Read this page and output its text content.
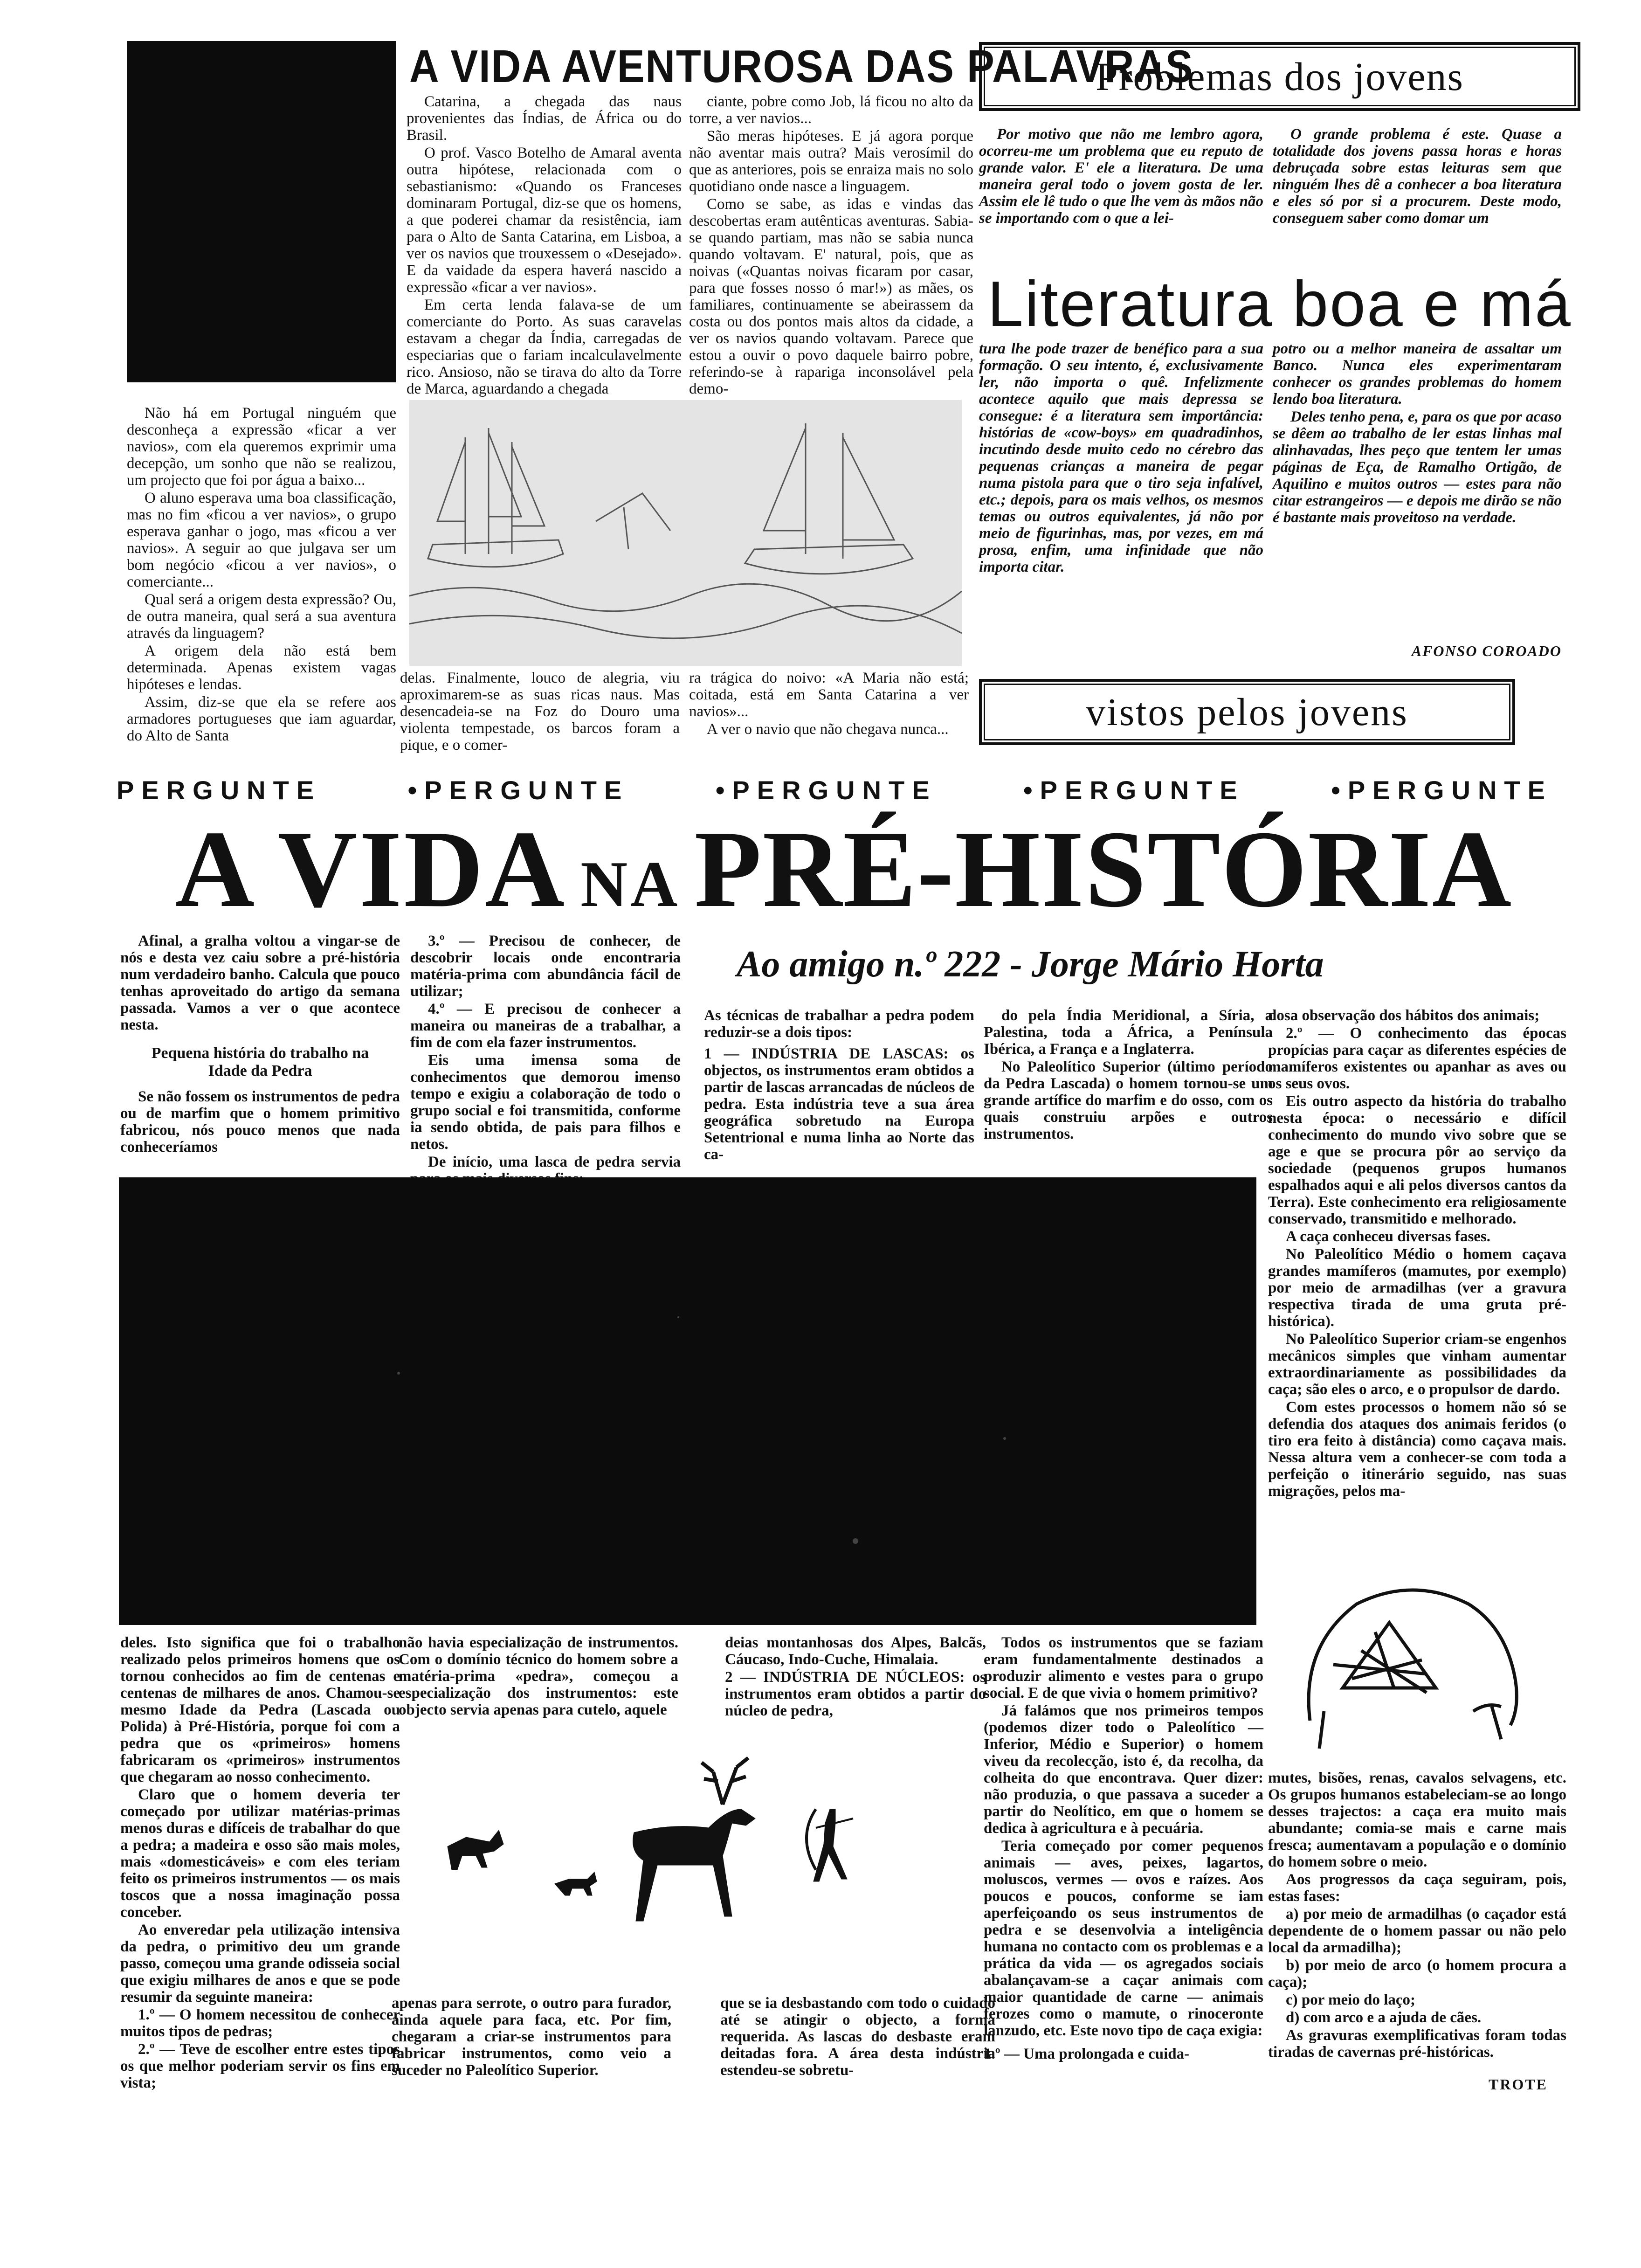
A VIDA AVENTUROSA DAS PALAVRAS

Não há em Portugal ninguém que desconheça a expressão «ficar a ver navios», com ela queremos exprimir uma decepção, um sonho que não se realizou, um projecto que foi por água a baixo...

O aluno esperava uma boa classificação, mas no fim «ficou a ver navios», o grupo esperava ganhar o jogo, mas «ficou a ver navios». A seguir ao que julgava ser um bom negócio «ficou a ver navios», o comerciante...

Qual será a origem desta expressão? Ou, de outra maneira, qual será a sua aventura através da linguagem?

A origem dela não está bem determinada. Apenas existem vagas hipóteses e lendas.

Assim, diz-se que ela se refere aos armadores portugueses que iam aguardar, do Alto de Santa

Catarina, a chegada das naus provenientes das Índias, de África ou do Brasil.

O prof. Vasco Botelho de Amaral aventa outra hipótese, relacionada com o sebastianismo: «Quando os Franceses dominaram Portugal, diz-se que os homens, a que poderei chamar da resistência, iam para o Alto de Santa Catarina, em Lisboa, a ver os navios que trouxessem o «Desejado». E da vaidade da espera haverá nascido a expressão «ficar a ver navios».

Em certa lenda falava-se de um comerciante do Porto. As suas caravelas estavam a chegar da Índia, carregadas de especiarias que o fariam incalculavelmente rico. Ansioso, não se tirava do alto da Torre de Marca, aguardando a chegada

ciante, pobre como Job, lá ficou no alto da torre, a ver navios...

São meras hipóteses. E já agora porque não aventar mais outra? Mais verosímil do que as anteriores, pois se enraiza mais no solo quotidiano onde nasce a linguagem.

Como se sabe, as idas e vindas das descobertas eram autênticas aventuras. Sabia-se quando partiam, mas não se sabia nunca quando voltavam. E' natural, pois, que as noivas («Quantas noivas ficaram por casar, para que fosses nosso ó mar!») as mães, os familiares, continuamente se abeirassem da costa ou dos pontos mais altos da cidade, a ver os navios quando voltavam. Parece que estou a ouvir o povo daquele bairro pobre, referindo-se à rapariga inconsolável pela demo-

delas. Finalmente, louco de alegria, viu aproximarem-se as suas ricas naus. Mas desencadeia-se na Foz do Douro uma violenta tempestade, os barcos foram a pique, e o comer-

ra trágica do noivo: «A Maria não está; coitada, está em Santa Catarina a ver navios»...

A ver o navio que não chegava nunca...

Problemas dos jovens

Por motivo que não me lembro agora, ocorreu-me um problema que eu reputo de grande valor. E' ele a literatura. De uma maneira geral todo o jovem gosta de ler. Assim ele lê tudo o que lhe vem às mãos não se importando com o que a lei-

O grande problema é este. Quase a totalidade dos jovens passa horas e horas debruçada sobre estas leituras sem que ninguém lhes dê a conhecer a boa literatura e eles só por si a procurem. Deste modo, conseguem saber como domar um

Literatura boa e má

tura lhe pode trazer de benéfico para a sua formação. O seu intento, é, exclusivamente ler, não importa o quê. Infelizmente acontece aquilo que mais depressa se consegue: é a literatura sem importância: histórias de «cow-boys» em quadradinhos, incutindo desde muito cedo no cérebro das pequenas crianças a maneira de pegar numa pistola para que o tiro seja infalível, etc.; depois, para os mais velhos, os mesmos temas ou outros equivalentes, já não por meio de figurinhas, mas, por vezes, em má prosa, enfim, uma infinidade que não importa citar.

potro ou a melhor maneira de assaltar um Banco. Nunca eles experimentaram conhecer os grandes problemas do homem lendo boa literatura.

Deles tenho pena, e, para os que por acaso se dêem ao trabalho de ler estas linhas mal alinhavadas, lhes peço que tentem ler umas páginas de Eça, de Ramalho Ortigão, de Aquilino e muitos outros — estes para não citar estrangeiros — e depois me dirão se não é bastante mais proveitoso na verdade.

AFONSO COROADO
vistos pelos jovens
PERGUNTE	•PERGUNTE	•PERGUNTE	•PERGUNTE	•PERGUNTE
A VIDA NA PRÉ-HISTÓRIA
Ao amigo n.º 222 - Jorge Mário Horta

Afinal, a gralha voltou a vingar-se de nós e desta vez caiu sobre a pré-história num verdadeiro banho. Calcula que pouco tenhas aproveitado do artigo da semana passada. Vamos a ver o que acontece nesta.

Pequena história do trabalho na Idade da Pedra

Se não fossem os instrumentos de pedra ou de marfim que o homem primitivo fabricou, nós pouco menos que nada conheceríamos

3.º — Precisou de conhecer, de descobrir locais onde encontraria matéria-prima com abundância fácil de utilizar;

4.º — E precisou de conhecer a maneira ou maneiras de a trabalhar, a fim de com ela fazer instrumentos.

Eis uma imensa soma de conhecimentos que demorou imenso tempo e exigiu a colaboração de todo o grupo social e foi transmitida, conforme ia sendo obtida, de pais para filhos e netos.

De início, uma lasca de pedra servia

As técnicas de trabalhar a pedra podem reduzir-se a dois tipos:

1 — INDÚSTRIA DE LASCAS: os objectos, os instrumentos eram obtidos a partir de lascas arrancadas de núcleos de pedra. Esta indústria teve a sua área geográfica sobretudo na Europa Setentrional e numa linha ao Norte das ca-

do pela Índia Meridional, a Síria, a Palestina, toda a África, a Península Ibérica, a França e a Inglaterra.

No Paleolítico Superior (último período da Pedra Lascada) o homem tornou-se um grande artífice do marfim e do osso, com os quais construiu arpões e outros instrumentos.

dosa observação dos hábitos dos animais;

2.º — O conhecimento das épocas propícias para caçar as diferentes espécies de mamíferos existentes ou apanhar as aves ou os seus ovos.

Eis outro aspecto da história do trabalho nesta época: o necessário e difícil conhecimento do mundo vivo sobre que se age e que se procura pôr ao serviço da sociedade (pequenos grupos humanos espalhados aqui e ali pelos diversos cantos da Terra). Este conhecimento era religiosamente conservado, transmitido e melhorado.

A caça conheceu diversas fases.

No Paleolítico Médio o homem caçava grandes mamíferos (mamutes, por exemplo) por meio de armadilhas (ver a gravura respectiva tirada de uma gruta pré-histórica).

No Paleolítico Superior criam-se engenhos mecânicos simples que vinham aumentar extraordinariamente as possibilidades da caça; são eles o arco, e o propulsor de dardo.

Com estes processos o homem não só se defendia dos ataques dos animais feridos (o tiro era feito à distância) como caçava mais. Nessa altura vem a conhecer-se com toda a perfeição o itinerário seguido, nas suas migrações, pelos ma-

deles. Isto significa que foi o trabalho realizado pelos primeiros homens que os tornou conhecidos ao fim de centenas e centenas de milhares de anos. Chamou-se mesmo Idade da Pedra (Lascada ou Polida) à Pré-História, porque foi com a pedra que os «primeiros» homens fabricaram os «primeiros» instrumentos que chegaram ao nosso conhecimento.

Claro que o homem deveria ter começado por utilizar matérias-primas menos duras e difíceis de trabalhar do que a pedra; a madeira e osso são mais moles, mais «domesticáveis» e com eles teriam feito os primeiros instrumentos — os mais toscos que a nossa imaginação possa conceber.

Ao enveredar pela utilização intensiva da pedra, o primitivo deu um grande passo, começou uma grande odisseia social que exigiu milhares de anos e que se pode resumir da seguinte maneira:

1.º — O homem necessitou de conhecer muitos tipos de pedras;

2.º — Teve de escolher entre estes tipos os que melhor poderiam servir os fins em vista;

não havia especialização de instrumentos. Com o domínio técnico do homem sobre a matéria-prima «pedra», começou a especialização dos instrumentos: este objecto servia apenas para cutelo, aquele

apenas para serrote, o outro para furador, ainda aquele para faca, etc. Por fim, chegaram a criar-se instrumentos para fabricar instrumentos, como veio a suceder no Paleolítico Superior.

deias montanhosas dos Alpes, Balcãs, Cáucaso, Indo-Cuche, Himalaia.

2 — INDÚSTRIA DE NÚCLEOS: os instrumentos eram obtidos a partir do núcleo de pedra,

que se ia desbastando com todo o cuidado até se atingir o objecto, a forma requerida. As lascas do desbaste eram deitadas fora. A área desta indústria estendeu-se sobretu-

Todos os instrumentos que se faziam eram fundamentalmente destinados a produzir alimento e vestes para o grupo social. E de que vivia o homem primitivo?

Já falámos que nos primeiros tempos (podemos dizer todo o Paleolítico — Inferior, Médio e Superior) o homem viveu da recolecção, isto é, da recolha, da colheita do que encontrava. Quer dizer: não produzia, o que passava a suceder a partir do Neolítico, em que o homem se dedica à agricultura e à pecuária.

Teria começado por comer pequenos animais — aves, peixes, lagartos, moluscos, vermes — ovos e raízes. Aos poucos e poucos, conforme se iam aperfeiçoando os seus instrumentos de pedra e se desenvolvia a inteligência humana no contacto com os problemas e a prática da vida — os agregados sociais abalançavam-se a caçar animais com maior quantidade de carne — animais ferozes como o mamute, o rinoceronte lanzudo, etc. Este novo tipo de caça exigia:

1.º — Uma prolongada e cuida-

mutes, bisões, renas, cavalos selvagens, etc. Os grupos humanos estabeleciam-se ao longo desses trajectos: a caça era muito mais abundante; comia-se mais e carne mais fresca; aumentavam a população e o domínio do homem sobre o meio.

Aos progressos da caça seguiram, pois, estas fases:

a) por meio de armadilhas (o caçador está dependente de o homem passar ou não pelo local da armadilha);

b) por meio de arco (o homem procura a caça);

c) por meio do laço;

d) com arco e a ajuda de cães.

As gravuras exemplificativas foram todas tiradas de cavernas pré-históricas.

TROTE
